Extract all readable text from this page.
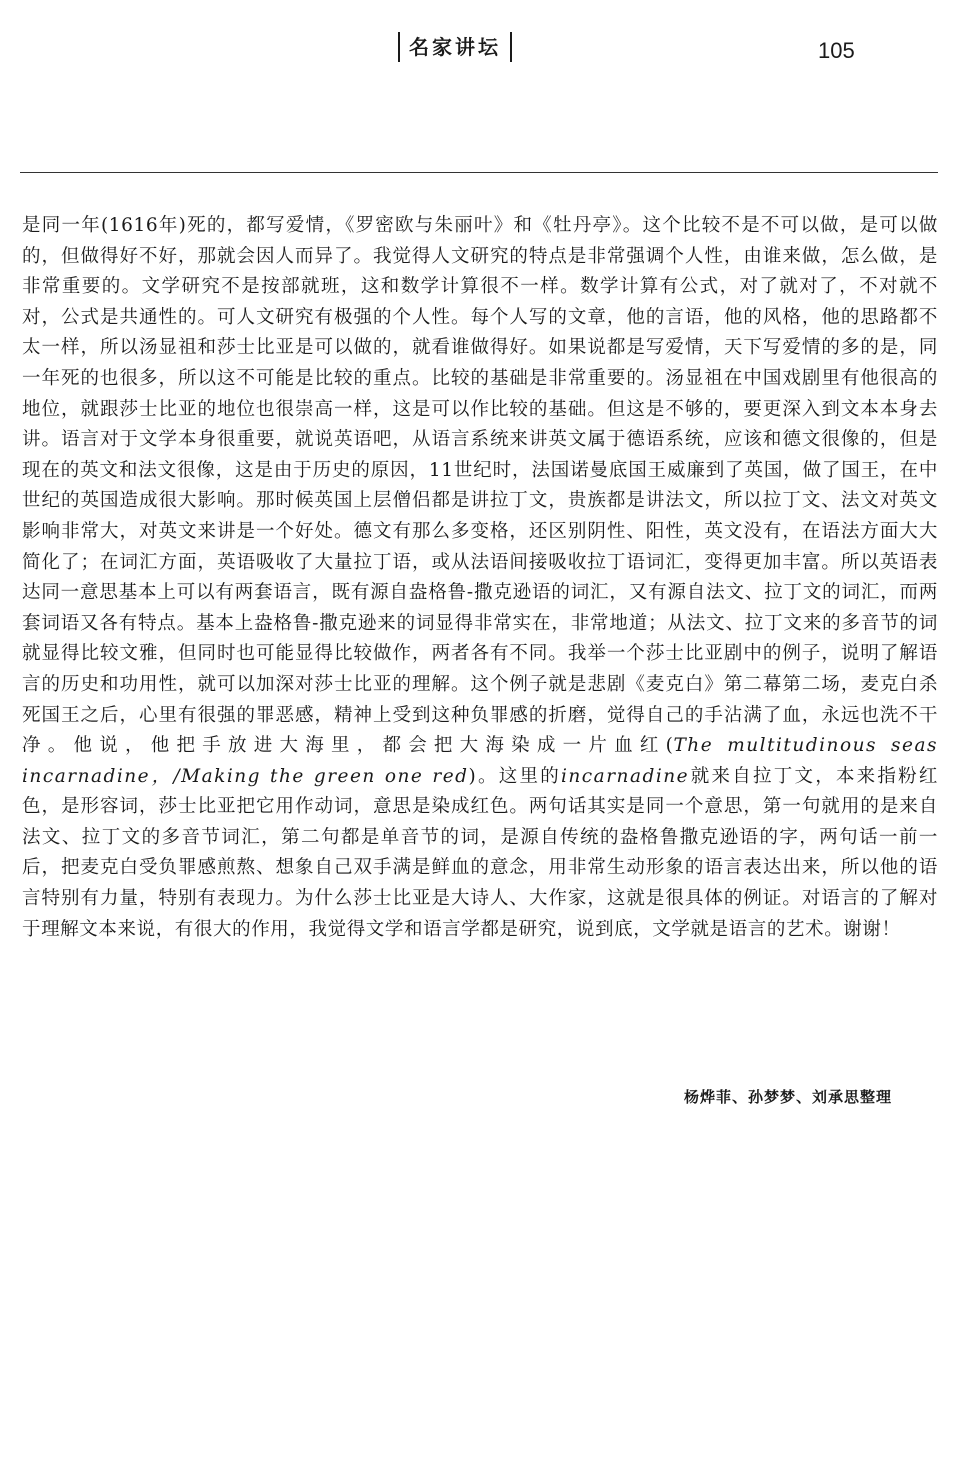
名家讲坛	105

是同一年(1616年)死的，都写爱情，《罗密欧与朱丽叶》和《牡丹亭》。这个比较不是不可以做，是可以做的，但做得好不好，那就会因人而异了。我觉得人文研究的特点是非常强调个人性，由谁来做，怎么做，是非常重要的。文学研究不是按部就班，这和数学计算很不一样。数学计算有公式，对了就对了，不对就不对，公式是共通性的。可人文研究有极强的个人性。每个人写的文章，他的言语，他的风格，他的思路都不太一样，所以汤显祖和莎士比亚是可以做的，就看谁做得好。如果说都是写爱情，天下写爱情的多的是，同一年死的也很多，所以这不可能是比较的重点。比较的基础是非常重要的。汤显祖在中国戏剧里有他很高的地位，就跟莎士比亚的地位也很崇高一样，这是可以作比较的基础。但这是不够的，要更深入到文本本身去讲。语言对于文学本身很重要，就说英语吧，从语言系统来讲英文属于德语系统，应该和德文很像的，但是现在的英文和法文很像，这是由于历史的原因，11世纪时，法国诺曼底国王威廉到了英国，做了国王，在中世纪的英国造成很大影响。那时候英国上层僧侣都是讲拉丁文，贵族都是讲法文，所以拉丁文、法文对英文影响非常大，对英文来讲是一个好处。德文有那么多变格，还区别阴性、阳性，英文没有，在语法方面大大简化了；在词汇方面，英语吸收了大量拉丁语，或从法语间接吸收拉丁语词汇，变得更加丰富。所以英语表达同一意思基本上可以有两套语言，既有源自盎格鲁-撒克逊语的词汇，又有源自法文、拉丁文的词汇，而两套词语又各有特点。基本上盎格鲁-撒克逊来的词显得非常实在，非常地道；从法文、拉丁文来的多音节的词就显得比较文雅，但同时也可能显得比较做作，两者各有不同。我举一个莎士比亚剧中的例子，说明了解语言的历史和功用性，就可以加深对莎士比亚的理解。这个例子就是悲剧《麦克白》第二幕第二场，麦克白杀死国王之后，心里有很强的罪恶感，精神上受到这种负罪感的折磨，觉得自己的手沾满了血，永远也洗不干净。他说，他把手放进大海里，都会把大海染成一片血红(The multitudinous seas incarnadine，/Making the green one red)。这里的incarnadine就来自拉丁文，本来指粉红色，是形容词，莎士比亚把它用作动词，意思是染成红色。两句话其实是同一个意思，第一句就用的是来自法文、拉丁文的多音节词汇，第二句都是单音节的词，是源自传统的盎格鲁撒克逊语的字，两句话一前一后，把麦克白受负罪感煎熬、想象自己双手满是鲜血的意念，用非常生动形象的语言表达出来，所以他的语言特别有力量，特别有表现力。为什么莎士比亚是大诗人、大作家，这就是很具体的例证。对语言的了解对于理解文本来说，有很大的作用，我觉得文学和语言学都是研究，说到底，文学就是语言的艺术。谢谢！

杨烨菲、孙梦梦、刘承思整理
